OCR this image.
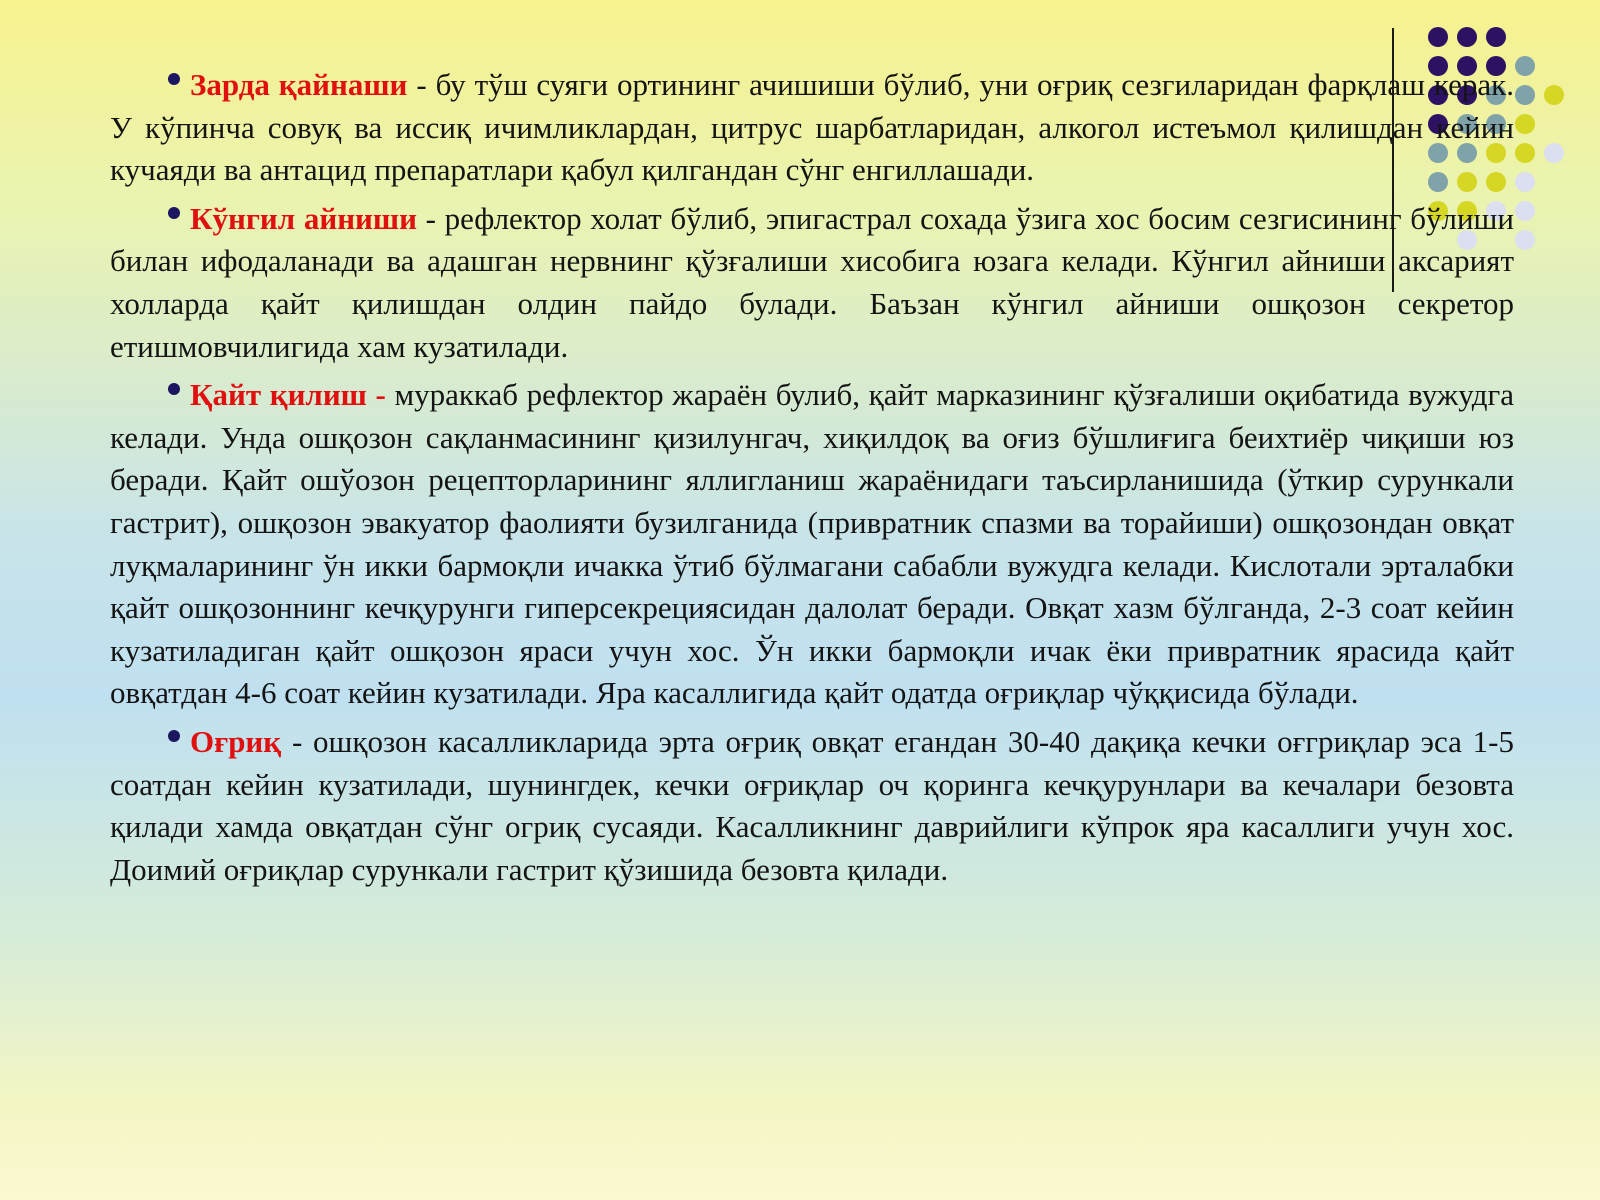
Зарда қайнаши - бу тўш суяги ортининг ачишиши бўлиб, уни оғриқ сезгиларидан фарқлаш керак. У кўпинча совуқ ва иссиқ ичимликлардан, цитрус шарбатларидан, алкогол истеъмол қилишдан кейин кучаяди ва антацид препаратлари қабул қилгандан сўнг енгиллашади.

Кўнгил айниши - рефлектор холат бўлиб, эпигастрал сохада ўзига хос босим сезгисининг бўлиши билан ифодаланади ва адашган нервнинг қўзғалиши хисобига юзага келади. Кўнгил айниши аксарият холларда қайт қилишдан олдин пайдо булади. Баъзан кўнгил айниши ошқозон секретор етишмовчилигида хам кузатилади.

Қайт қилиш - мураккаб рефлектор жараён булиб, қайт марказининг қўзғалиши оқибатида вужудга келади. Унда ошқозон сақланмасининг қизилунгач, хиқилдоқ ва оғиз бўшлиғига беихтиёр чиқиши юз беради. Қайт ошўозон рецепторларининг яллигланиш жараёнидаги таъсирланишида (ўткир сурункали гастрит), ошқозон эвакуатор фаолияти бузилганида (привратник спазми ва торайиши) ошқозондан овқат луқмаларининг ўн икки бармоқли ичакка ўтиб бўлмагани сабабли вужудга келади. Кислотали эрталабки қайт ошқозоннинг кечқурунги гиперсекрециясидан далолат беради. Овқат хазм бўлганда, 2-3 соат кейин кузатиладиган қайт ошқозон яраси учун хос. Ўн икки бармоқли ичак ёки привратник ярасида қайт овқатдан 4-6 соат кейин кузатилади. Яра касаллигида қайт одатда оғриқлар чўққисида бўлади.

Оғриқ - ошқозон касалликларида эрта оғриқ овқат егандан 30-40 дақиқа кечки оғгриқлар эса 1-5 соатдан кейин кузатилади, шунингдек, кечки оғриқлар оч қоринга кечқурунлари ва кечалари безовта қилади хамда овқатдан сўнг огриқ сусаяди. Касалликнинг даврийлиги кўпрок яра касаллиги учун хос. Доимий оғриқлар сурункали гастрит қўзишида безовта қилади.
